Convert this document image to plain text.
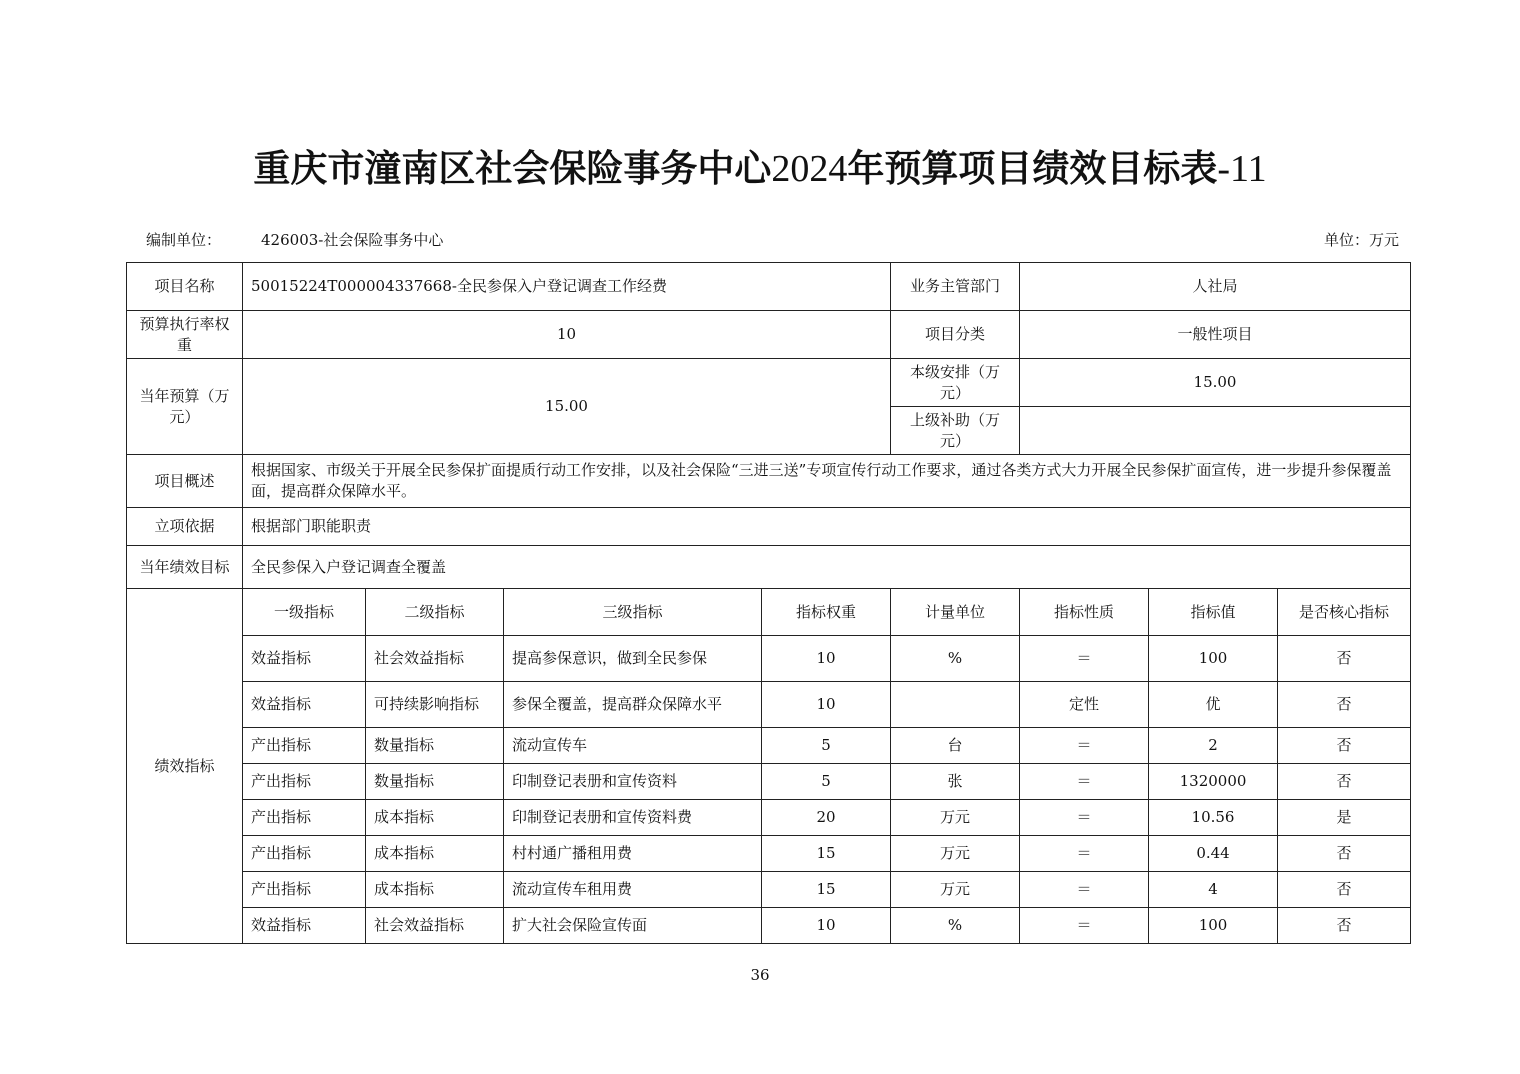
重庆市潼南区社会保险事务中心2024年预算项目绩效目标表-11
编制单位：	426003-社会保险事务中心	单位：万元
项目名称	50015224T000004337668-全民参保入户登记调查工作经费				业务主管部门	人社局		
预算执行率权重	10				项目分类	一般性项目		
当年预算（万元）	15.00				本级安排（万元）	15.00		
					上级补助（万元）			
项目概述	根据国家、市级关于开展全民参保扩面提质行动工作安排，以及社会保险“三进三送”专项宣传行动工作要求，通过各类方式大力开展全民参保扩面宣传，进一步提升参保覆盖面，提高群众保障水平。							
立项依据	根据部门职能职责							
当年绩效目标	全民参保入户登记调查全覆盖							
绩效指标	一级指标	二级指标	三级指标	指标权重	计量单位	指标性质	指标值	是否核心指标
	效益指标	社会效益指标	提高参保意识，做到全民参保	10	%	＝	100	否
	效益指标	可持续影响指标	参保全覆盖，提高群众保障水平	10		定性	优	否
	产出指标	数量指标	流动宣传车	5	台	＝	2	否
	产出指标	数量指标	印制登记表册和宣传资料	5	张	＝	1320000	否
	产出指标	成本指标	印制登记表册和宣传资料费	20	万元	＝	10.56	是
	产出指标	成本指标	村村通广播租用费	15	万元	＝	0.44	否
	产出指标	成本指标	流动宣传车租用费	15	万元	＝	4	否
	效益指标	社会效益指标	扩大社会保险宣传面	10	%	＝	100	否
36
